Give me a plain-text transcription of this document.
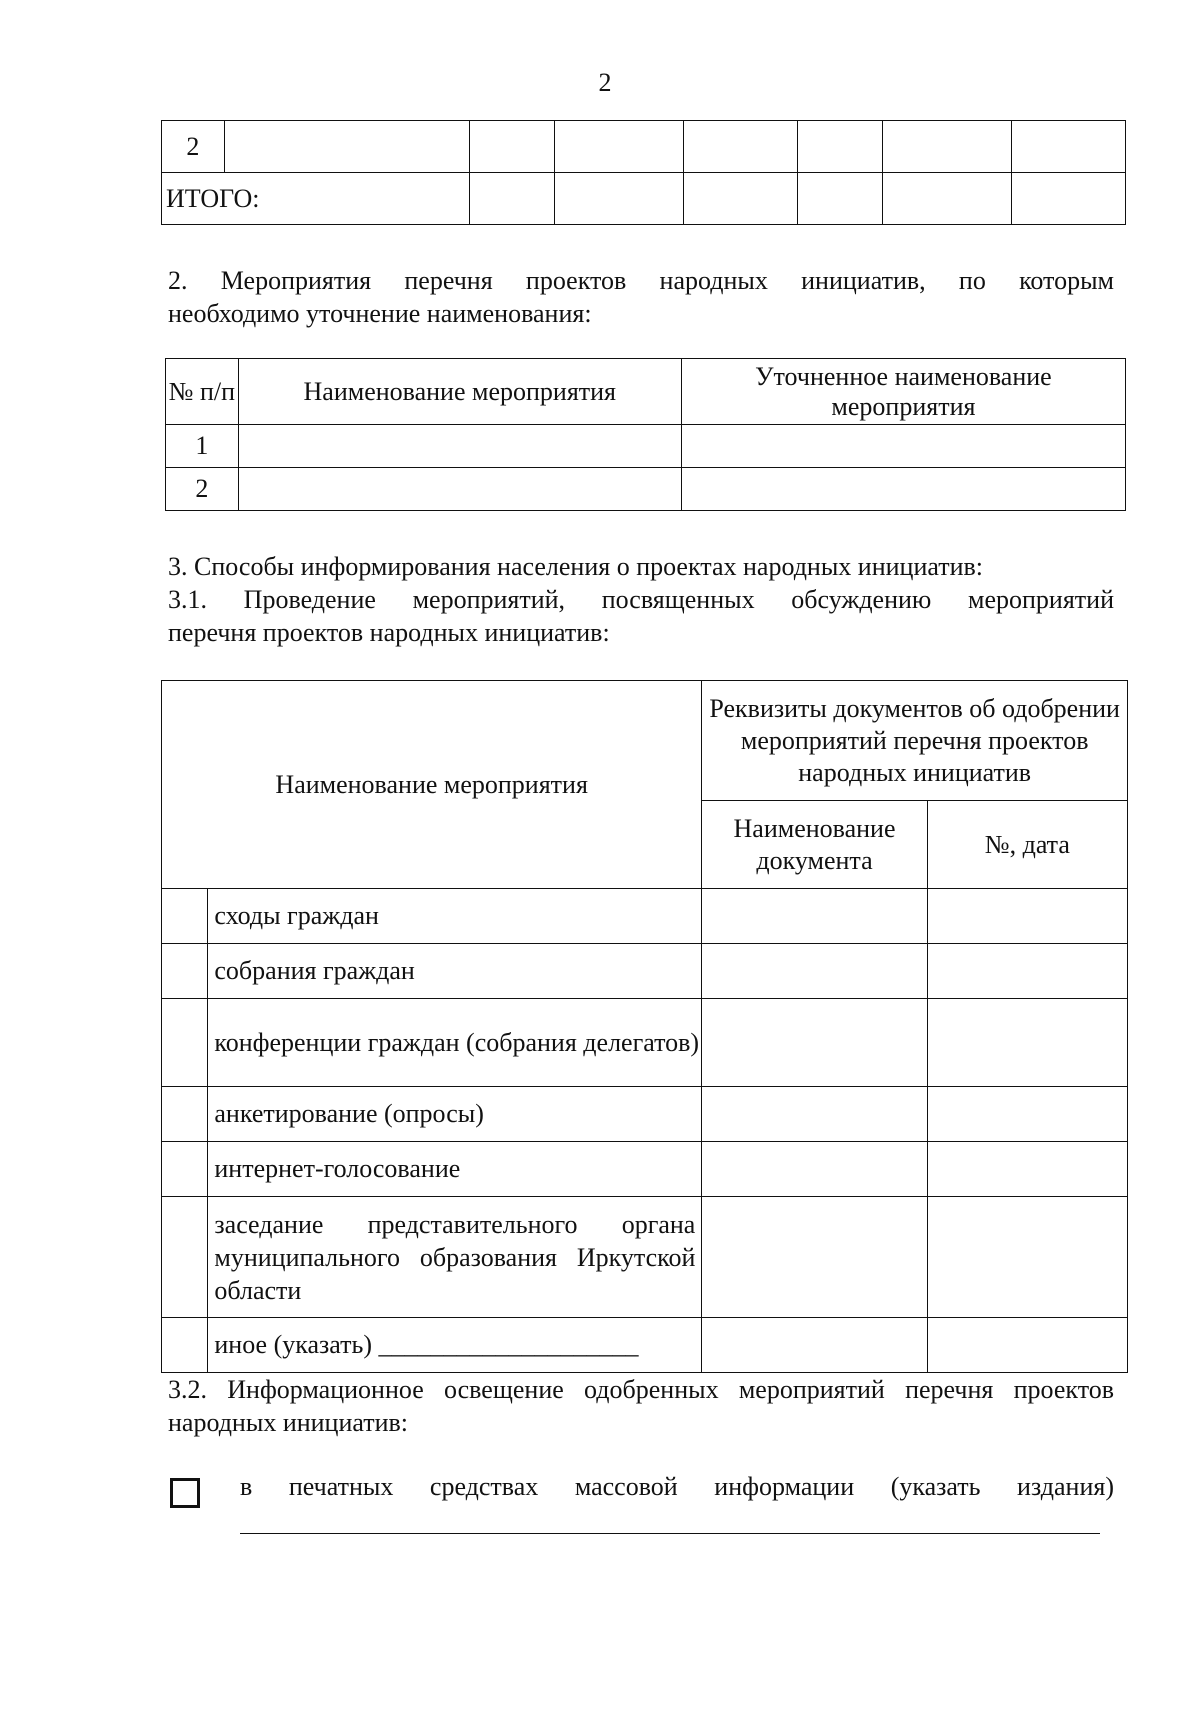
2
2							
ИТОГО:							
2. Мероприятия перечня проектов народных инициатив, по которым
необходимо уточнение наименования:
№ п/п	Наименование мероприятия	Уточненное наименование мероприятия
1		
2		
3. Способы информирования населения о проектах народных инициатив:
3.1. Проведение мероприятий, посвященных обсуждению мероприятий
перечня проектов народных инициатив:
Наименование мероприятия		Реквизиты документов об одобрении мероприятий перечня проектов народных инициатив	
		Наименование документа	№, дата
	сходы граждан		
	собрания граждан		
	конференции граждан (собрания делегатов)		
	анкетирование (опросы)		
	интернет-голосование		
	заседание представительного органа муниципального образования Иркутской области		
	иное (указать) ____________________		
3.2. Информационное освещение одобренных мероприятий перечня проектов
народных инициатив:
в печатных средствах массовой информации (указать издания)
